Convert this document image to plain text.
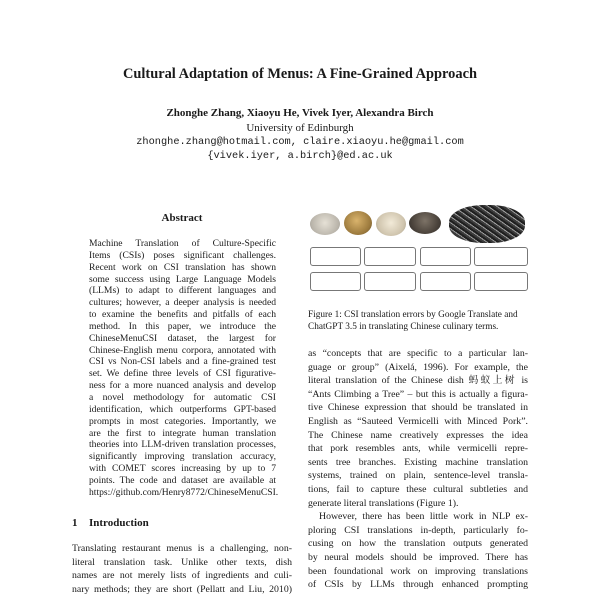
Cultural Adaptation of Menus: A Fine-Grained Approach
Zhonghe Zhang, Xiaoyu He, Vivek Iyer, Alexandra Birch
University of Edinburgh
zhonghe.zhang@hotmail.com, claire.xiaoyu.he@gmail.com
{vivek.iyer, a.birch}@ed.ac.uk
Abstract
Machine Translation of Culture-Specific
Items (CSIs) poses significant challenges.
Recent work on CSI translation has shown
some success using Large Language Models
(LLMs) to adapt to different languages and
cultures; however, a deeper analysis is needed
to examine the benefits and pitfalls of each
method. In this paper, we introduce the
ChineseMenuCSI dataset, the largest for
Chinese-English menu corpora, annotated with
CSI vs Non-CSI labels and a fine-grained test
set. We define three levels of CSI figurative-
ness for a more nuanced analysis and develop
a novel methodology for automatic CSI
identification, which outperforms GPT-based
prompts in most categories. Importantly, we
are the first to integrate human translation
theories into LLM-driven translation processes,
significantly improving translation accuracy,
with COMET scores increasing by up to 7
points. The code and dataset are available at
https://github.com/Henry8772/ChineseMenuCSI.
1 Introduction
Translating restaurant menus is a challenging, non-
literal translation task. Unlike other texts, dish
names are not merely lists of ingredients and culi-
nary methods; they are short (Pellatt and Liu, 2010)
Figure 1: CSI translation errors by Google Translate and ChatGPT 3.5 in translating Chinese culinary terms.
as “concepts that are specific to a particular lan-
guage or group” (Aixelá, 1996). For example, the
literal translation of the Chinese dish 蚂蚁上树 is
“Ants Climbing a Tree” – but this is actually a figura-
tive Chinese expression that should be translated in
English as “Sauteed Vermicelli with Minced Pork”.
The Chinese name creatively expresses the idea
that pork resembles ants, while vermicelli repre-
sents tree branches. Existing machine translation
systems, trained on plain, sentence-level transla-
tions, fail to capture these cultural subtleties and
generate literal translations (Figure 1).
However, there has been little work in NLP ex-
ploring CSI translations in-depth, particularly fo-
cusing on how the translation outputs generated
by neural models should be improved. There has
been foundational work on improving translations
of CSIs by LLMs through enhanced prompting
